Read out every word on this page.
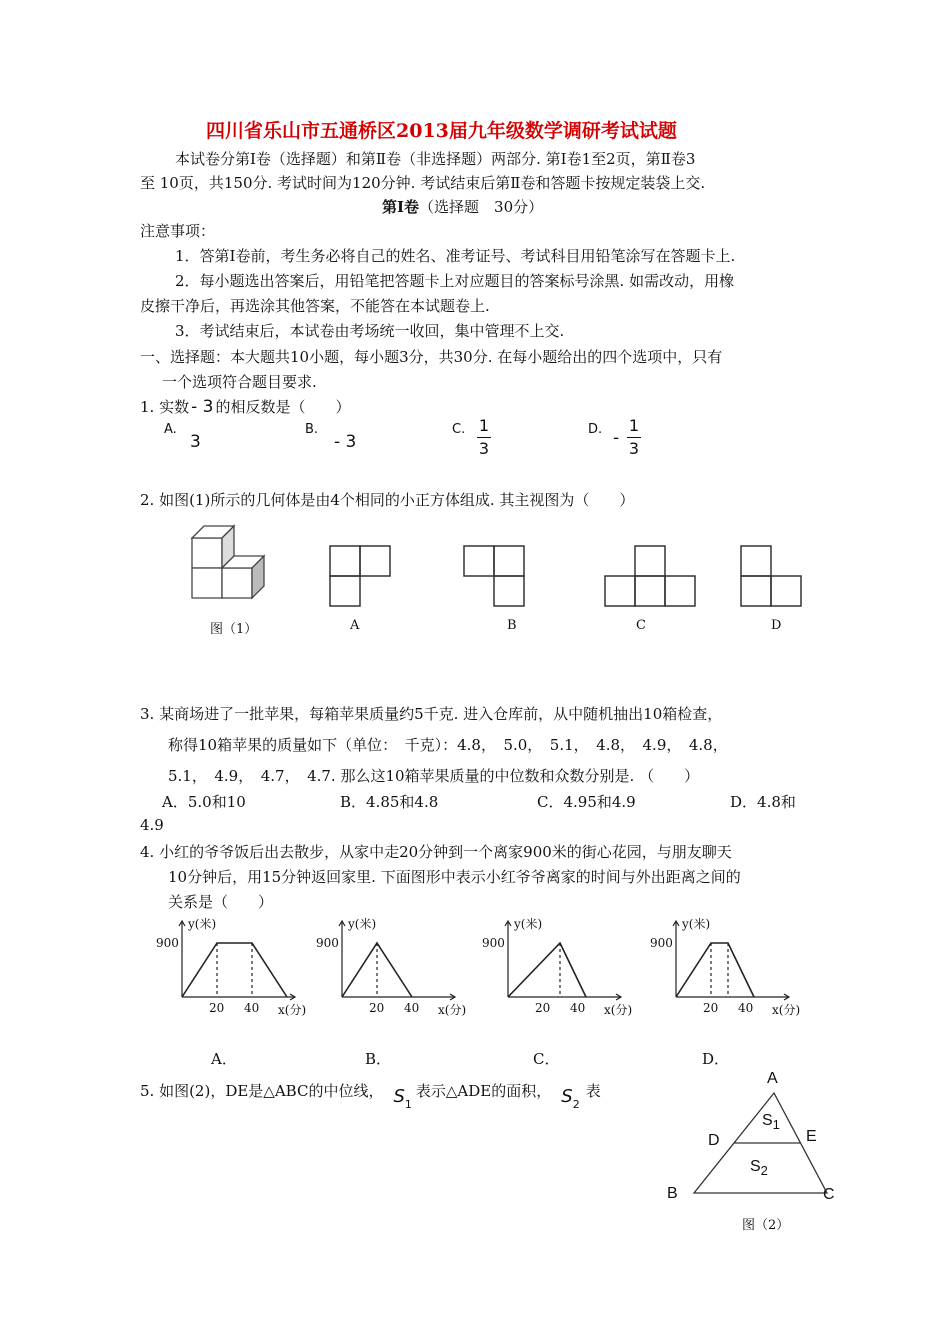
四川省乐山市五通桥区2013届九年级数学调研考试试题
本试卷分第Ⅰ卷（选择题）和第Ⅱ卷（非选择题）两部分. 第Ⅰ卷1至2页，第Ⅱ卷3
至 10页，共150分. 考试时间为120分钟. 考试结束后第Ⅱ卷和答题卡按规定装袋上交.
第Ⅰ卷（选择题　30分）
注意事项：
1．答第Ⅰ卷前，考生务必将自己的姓名、准考证号、考试科目用铅笔涂写在答题卡上.
2．每小题选出答案后，用铅笔把答题卡上对应题目的答案标号涂黑. 如需改动，用橡
皮擦干净后，再选涂其他答案，不能答在本试题卷上.
3．考试结束后，本试卷由考场统一收回，集中管理不上交.
一、选择题：本大题共10小题，每小题3分，共30分. 在每小题给出的四个选项中，只有
一个选项符合题目要求.
1. 实数 - 3 的相反数是（　　）
A.
3
B.
- 3
C. 1
3
D. -
1
3
2. 如图(1)所示的几何体是由4个相同的小正方体组成. 其主视图为（　　）
图（1）	A	B	C	D
3. 某商场进了一批苹果，每箱苹果质量约5千克. 进入仓库前，从中随机抽出10箱检查，
称得10箱苹果的质量如下（单位：　千克）：4.8，　5.0，　5.1，　4.8，　4.9，　4.8，
5.1，　4.9，　4.7，　4.7. 那么这10箱苹果质量的中位数和众数分别是. （　　）
A．5.0和10	B．4.85和4.8	C．4.95和4.9	D．4.8和
4.9
4. 小红的爷爷饭后出去散步，从家中走20分钟到一个离家900米的街心花园，与朋友聊天
10分钟后，用15分钟返回家里. 下面图形中表示小红爷爷离家的时间与外出距离之间的
关系是（　　）
y(米)
900
20 40 x(分)
y(米)
900
20 40 x(分)
y(米)
900
20 40 x(分)
y(米)
900
20 40 x(分)
A．	B．	C．	D．
5. 如图(2)，DE是△ABC的中位线， $S_1$表示△ADE的面积， $S_2$表
A
$S_1$
D	E
$S_2$
B	C
图（2）
